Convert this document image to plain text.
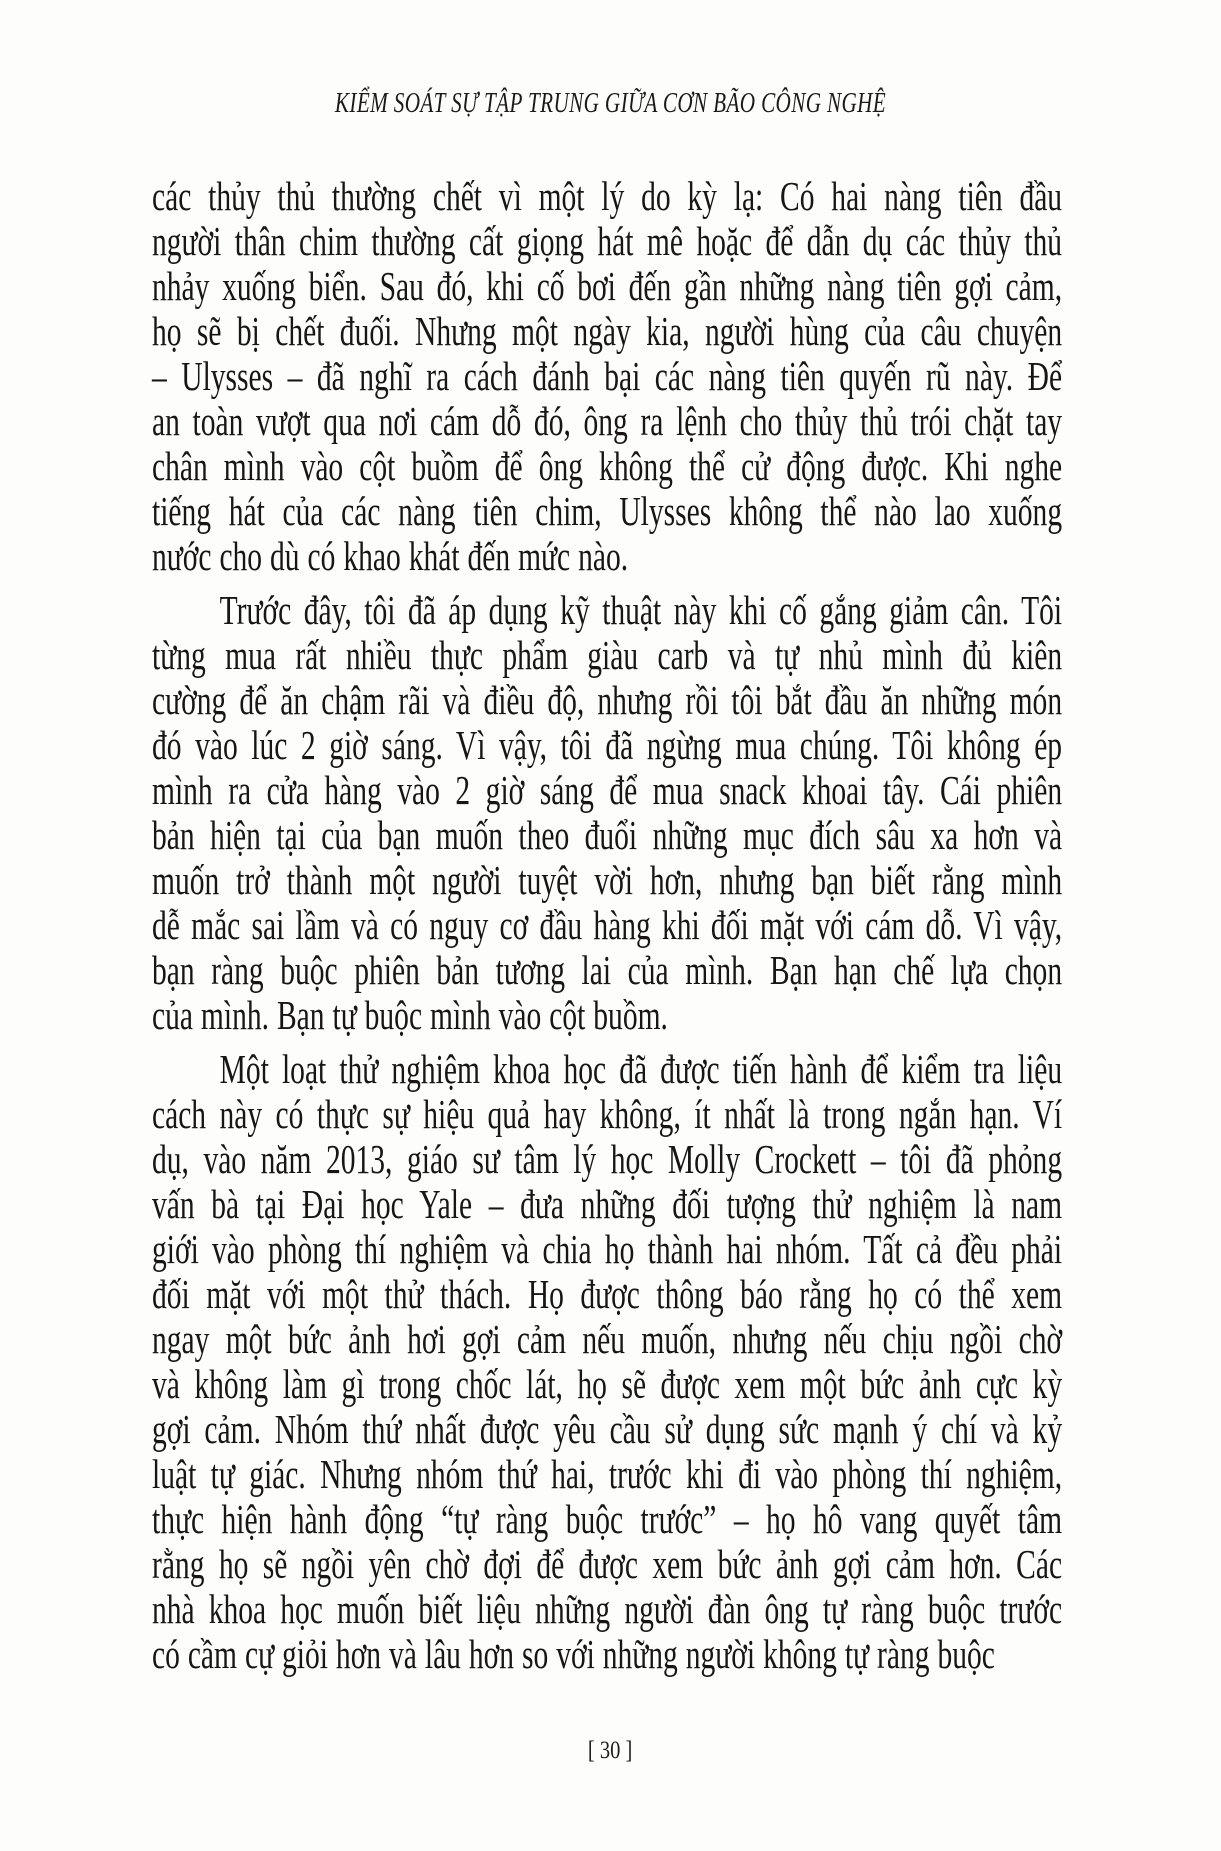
KIỂM SOÁT SỰ TẬP TRUNG GIỮA CƠN BÃO CÔNG NGHỆ
các thủy thủ thường chết vì một lý do kỳ lạ: Có hai nàng tiên đầu
người thân chim thường cất giọng hát mê hoặc để dẫn dụ các thủy thủ
nhảy xuống biển. Sau đó, khi cố bơi đến gần những nàng tiên gợi cảm,
họ sẽ bị chết đuối. Nhưng một ngày kia, người hùng của câu chuyện
– Ulysses – đã nghĩ ra cách đánh bại các nàng tiên quyến rũ này. Để
an toàn vượt qua nơi cám dỗ đó, ông ra lệnh cho thủy thủ trói chặt tay
chân mình vào cột buồm để ông không thể cử động được. Khi nghe
tiếng hát của các nàng tiên chim, Ulysses không thể nào lao xuống
nước cho dù có khao khát đến mức nào.
Trước đây, tôi đã áp dụng kỹ thuật này khi cố gắng giảm cân. Tôi
từng mua rất nhiều thực phẩm giàu carb và tự nhủ mình đủ kiên
cường để ăn chậm rãi và điều độ, nhưng rồi tôi bắt đầu ăn những món
đó vào lúc 2 giờ sáng. Vì vậy, tôi đã ngừng mua chúng. Tôi không ép
mình ra cửa hàng vào 2 giờ sáng để mua snack khoai tây. Cái phiên
bản hiện tại của bạn muốn theo đuổi những mục đích sâu xa hơn và
muốn trở thành một người tuyệt vời hơn, nhưng bạn biết rằng mình
dễ mắc sai lầm và có nguy cơ đầu hàng khi đối mặt với cám dỗ. Vì vậy,
bạn ràng buộc phiên bản tương lai của mình. Bạn hạn chế lựa chọn
của mình. Bạn tự buộc mình vào cột buồm.
Một loạt thử nghiệm khoa học đã được tiến hành để kiểm tra liệu
cách này có thực sự hiệu quả hay không, ít nhất là trong ngắn hạn. Ví
dụ, vào năm 2013, giáo sư tâm lý học Molly Crockett – tôi đã phỏng
vấn bà tại Đại học Yale – đưa những đối tượng thử nghiệm là nam
giới vào phòng thí nghiệm và chia họ thành hai nhóm. Tất cả đều phải
đối mặt với một thử thách. Họ được thông báo rằng họ có thể xem
ngay một bức ảnh hơi gợi cảm nếu muốn, nhưng nếu chịu ngồi chờ
và không làm gì trong chốc lát, họ sẽ được xem một bức ảnh cực kỳ
gợi cảm. Nhóm thứ nhất được yêu cầu sử dụng sức mạnh ý chí và kỷ
luật tự giác. Nhưng nhóm thứ hai, trước khi đi vào phòng thí nghiệm,
thực hiện hành động “tự ràng buộc trước” – họ hô vang quyết tâm
rằng họ sẽ ngồi yên chờ đợi để được xem bức ảnh gợi cảm hơn. Các
nhà khoa học muốn biết liệu những người đàn ông tự ràng buộc trước
có cầm cự giỏi hơn và lâu hơn so với những người không tự ràng buộc
[ 30 ]
